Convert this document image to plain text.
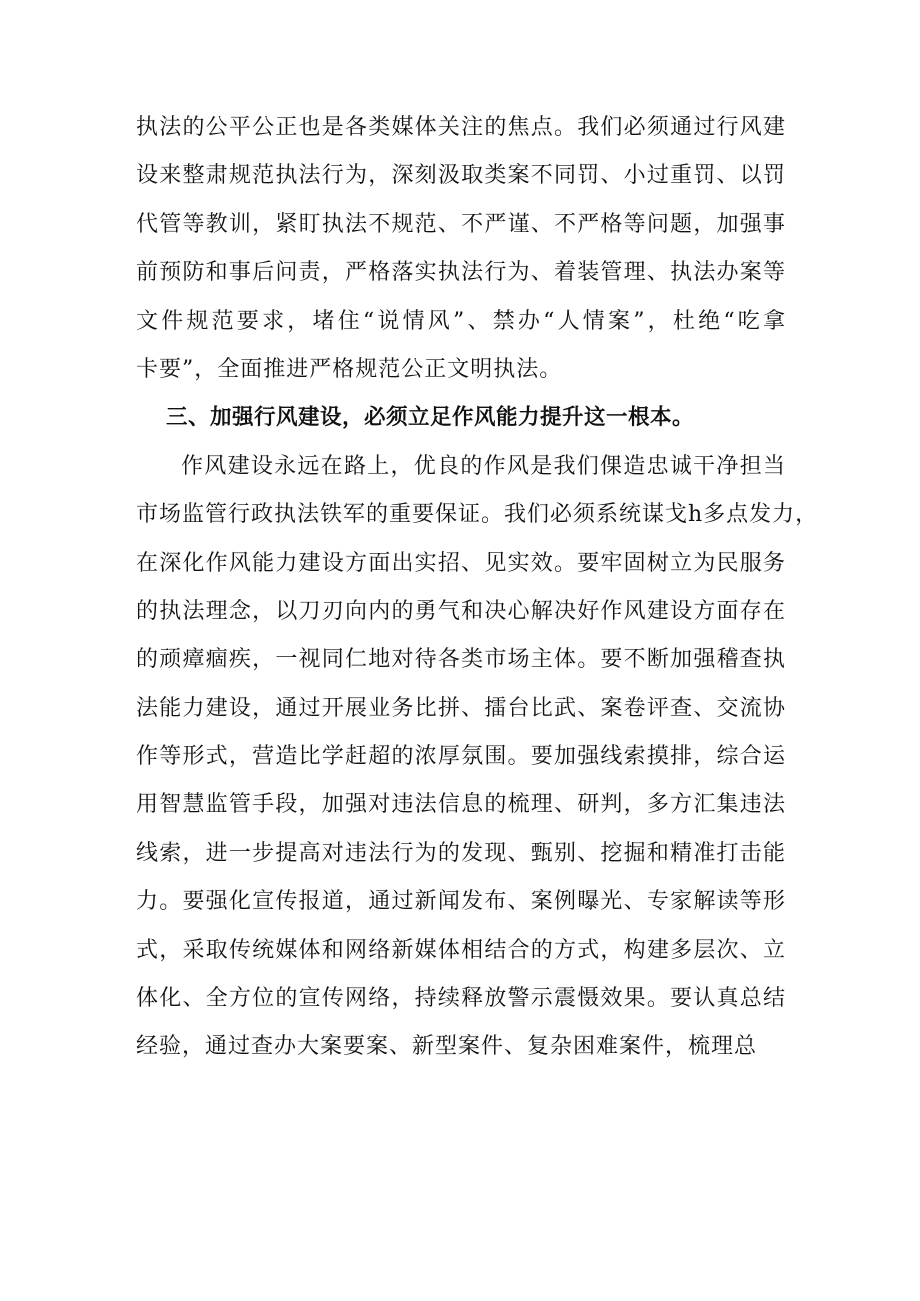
执法的公平公正也是各类媒体关注的焦点。我们必须通过行风建
设来整肃规范执法行为，深刻汲取类案不同罚、小过重罚、以罚
代管等教训，紧盯执法不规范、不严谨、不严格等问题，加强事
前预防和事后问责，严格落实执法行为、着装管理、执法办案等
文件规范要求，堵住“说情风”、禁办“人情案”，杜绝“吃拿
卡要”，全面推进严格规范公正文明执法。
三、加强行风建设，必须立足作风能力提升这一根本。
作风建设永远在路上，优良的作风是我们倮造忠诚干净担当
市场监管行政执法铁军的重要保证。我们必须系统谋戈h多点发力，
在深化作风能力建设方面出实招、见实效。要牢固树立为民服务
的执法理念，以刀刃向内的勇气和决心解决好作风建设方面存在
的顽瘴痼疾，一视同仁地对待各类市场主体。要不断加强稽查执
法能力建设，通过开展业务比拼、擂台比武、案卷评查、交流协
作等形式，营造比学赶超的浓厚氛围。要加强线索摸排，综合运
用智慧监管手段，加强对违法信息的梳理、研判，多方汇集违法
线索，进一步提高对违法行为的发现、甄别、挖掘和精准打击能
力。要强化宣传报道，通过新闻发布、案例曝光、专家解读等形
式，采取传统媒体和网络新媒体相结合的方式，构建多层次、立
体化、全方位的宣传网络，持续释放警示震慑效果。要认真总结
经验，通过查办大案要案、新型案件、复杂困难案件，梳理总
